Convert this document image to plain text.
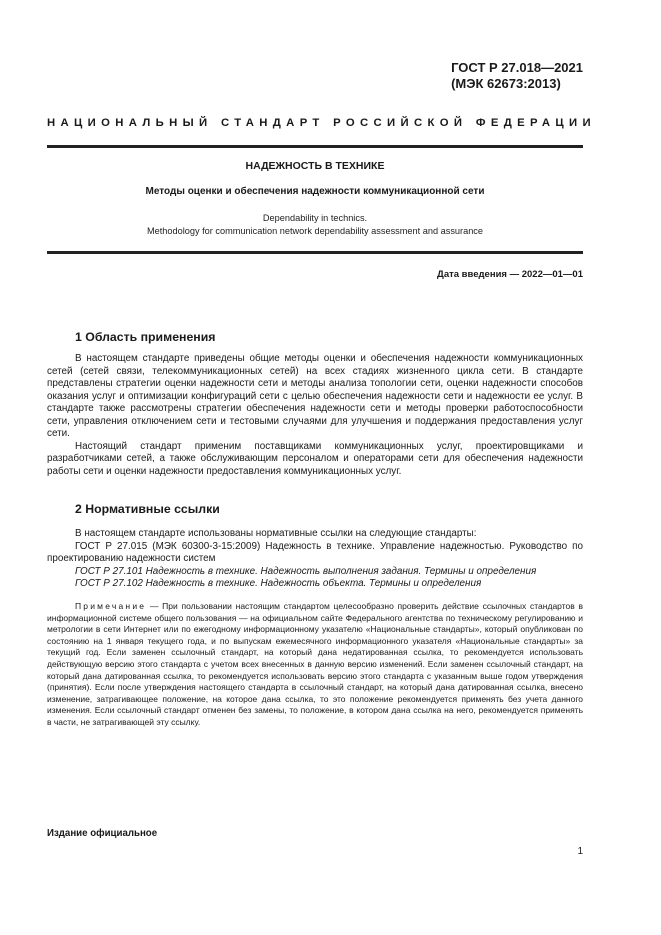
ГОСТ Р 27.018—2021
(МЭК 62673:2013)
НАЦИОНАЛЬНЫЙ СТАНДАРТ РОССИЙСКОЙ ФЕДЕРАЦИИ
НАДЕЖНОСТЬ В ТЕХНИКЕ
Методы оценки и обеспечения надежности коммуникационной сети
Dependability in technics.
Methodology for communication network dependability assessment and assurance
Дата введения — 2022—01—01
1 Область применения

В настоящем стандарте приведены общие методы оценки и обеспечения надежности коммуникационных сетей (сетей связи, телекоммуникационных сетей) на всех стадиях жизненного цикла сети. В стандарте представлены стратегии оценки надежности сети и методы анализа топологии сети, оценки надежности способов оказания услуг и оптимизации конфигураций сети с целью обеспечения надежности сети и надежности ее услуг. В стандарте также рассмотрены стратегии обеспечения надежности сети и методы проверки работоспособности сети, управления отключением сети и тестовыми случаями для улучшения и поддержания предоставления услуг сети.

Настоящий стандарт применим поставщиками коммуникационных услуг, проектировщиками и разработчиками сетей, а также обслуживающим персоналом и операторами сети для обеспечения надежности работы сети и оценки надежности предоставления коммуникационных услуг.

2 Нормативные ссылки

В настоящем стандарте использованы нормативные ссылки на следующие стандарты:

ГОСТ Р 27.015 (МЭК 60300-3-15:2009) Надежность в технике. Управление надежностью. Руководство по проектированию надежности систем

ГОСТ Р 27.101 Надежность в технике. Надежность выполнения задания. Термины и определения

ГОСТ Р 27.102 Надежность в технике. Надежность объекта. Термины и определения

Примечание — При пользовании настоящим стандартом целесообразно проверить действие ссылочных стандартов в информационной системе общего пользования — на официальном сайте Федерального агентства по техническому регулированию и метрологии в сети Интернет или по ежегодному информационному указателю «Национальные стандарты», который опубликован по состоянию на 1 января текущего года, и по выпускам ежемесячного информационного указателя «Национальные стандарты» за текущий год. Если заменен ссылочный стандарт, на который дана недатированная ссылка, то рекомендуется использовать действующую версию этого стандарта с учетом всех внесенных в данную версию изменений. Если заменен ссылочный стандарт, на который дана датированная ссылка, то рекомендуется использовать версию этого стандарта с указанным выше годом утверждения (принятия). Если после утверждения настоящего стандарта в ссылочный стандарт, на который дана датированная ссылка, внесено изменение, затрагивающее положение, на которое дана ссылка, то это положение рекомендуется применять без учета данного изменения. Если ссылочный стандарт отменен без замены, то положение, в котором дана ссылка на него, рекомендуется применять в части, не затрагивающей эту ссылку.

Издание официальное
1
